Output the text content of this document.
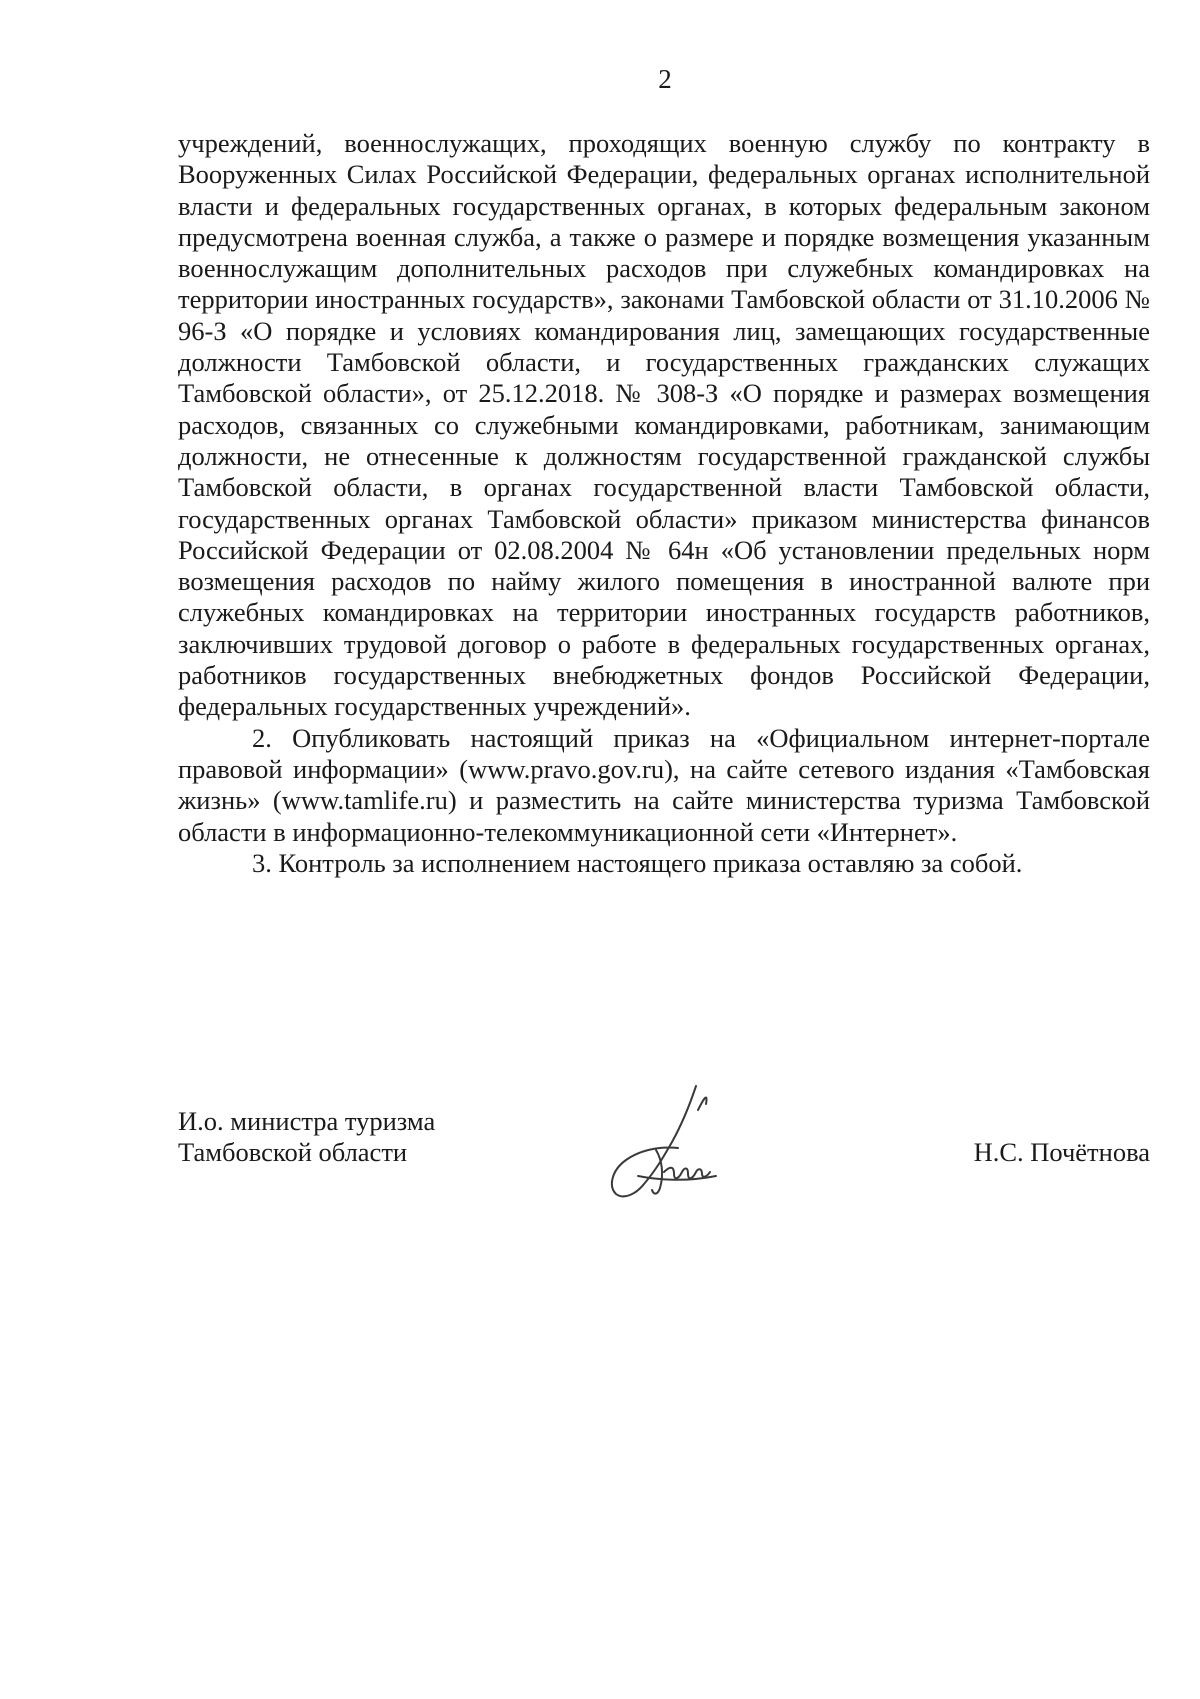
2

учреждений, военнослужащих, проходящих военную службу по контракту в Вооруженных Силах Российской Федерации, федеральных органах исполнительной власти и федеральных государственных органах, в которых федеральным законом предусмотрена военная служба, а также о размере и порядке возмещения указанным военнослужащим дополнительных расходов при служебных командировках на территории иностранных государств», законами Тамбовской области от 31.10.2006 № 96-З «О порядке и условиях командирования лиц, замещающих государственные должности Тамбовской области, и государственных гражданских служащих Тамбовской области», от 25.12.2018. № 308-З «О порядке и размерах возмещения расходов, связанных со служебными командировками, работникам, занимающим должности, не отнесенные к должностям государственной гражданской службы Тамбовской области, в органах государственной власти Тамбовской области, государственных органах Тамбовской области» приказом министерства финансов Российской Федерации от 02.08.2004 № 64н «Об установлении предельных норм возмещения расходов по найму жилого помещения в иностранной валюте при служебных командировках на территории иностранных государств работников, заключивших трудовой договор о работе в федеральных государственных органах, работников государственных внебюджетных фондов Российской Федерации, федеральных государственных учреждений».

2. Опубликовать настоящий приказ на «Официальном интернет-портале правовой информации» (www.pravo.gov.ru), на сайте сетевого издания «Тамбовская жизнь» (www.tamlife.ru) и разместить на сайте министерства туризма Тамбовской области в информационно-телекоммуникационной сети «Интернет».

3. Контроль за исполнением настоящего приказа оставляю за собой.

И.о. министра туризма
Тамбовской области	Н.С. Почётнова
